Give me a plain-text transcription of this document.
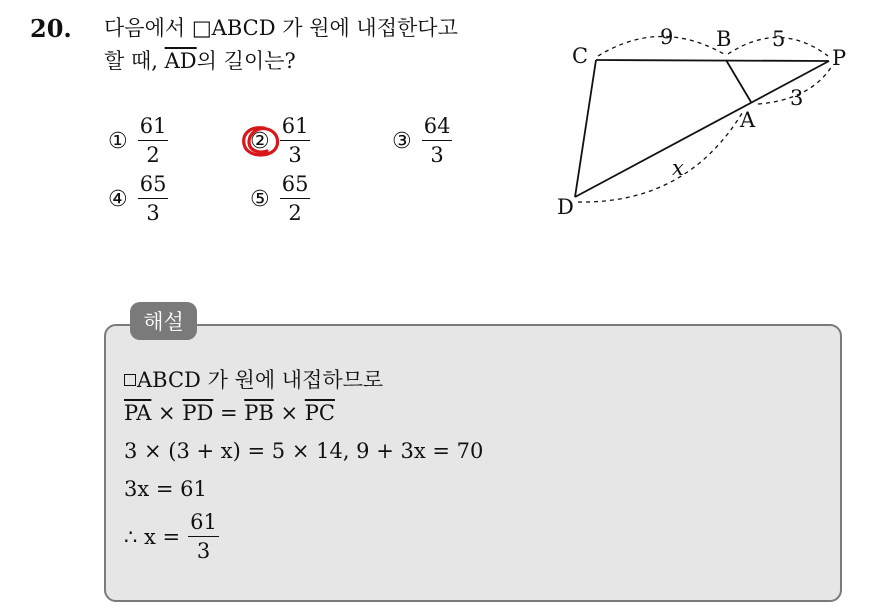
20. 다음에서 □ABCD 가 원에 내접한다고
할 때, $\overline{AD}$의 길이는?
① $\frac{61}{2}$	② $\frac{61}{3}$	③ $\frac{64}{3}$
④ $\frac{65}{3}$	⑤ $\frac{65}{2}$
C
B
P
A
D
9	5
3
x
해설
ABCD 가 원에 내접하므로
$\overline{PA} \times \overline{PD} = \overline{PB} \times \overline{PC}$
3 × (3 + x) = 5 × 14, 9 + 3x = 70
3x = 61
∴ $x = \frac{61}{3}$
